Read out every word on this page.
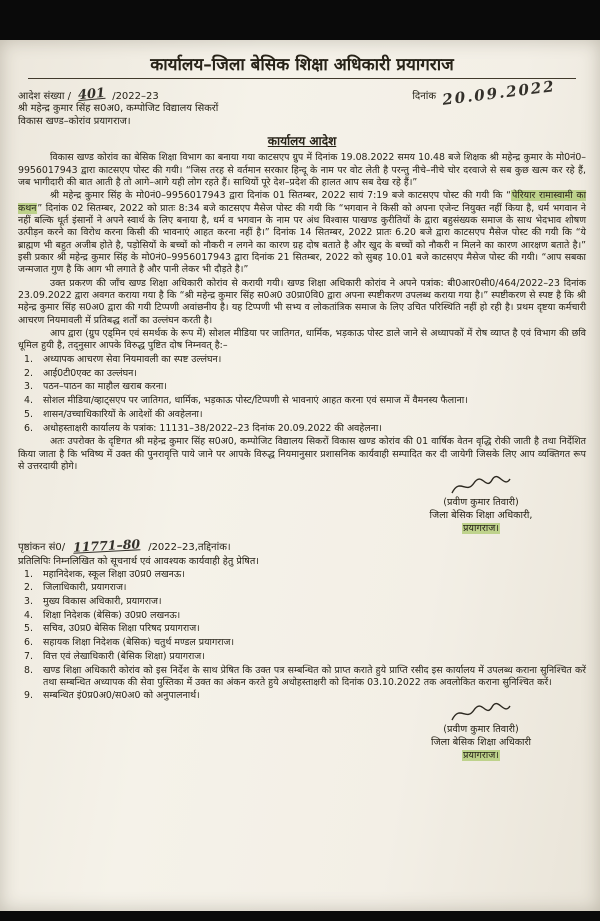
कार्यालय–जिला बेसिक शिक्षा अधिकारी प्रयागराज
आदेश संख्या / 401 /2022–23	दिनांक 20.09.2022
श्री महेन्द्र कुमार सिंह स0अ0, कम्पोजिट विद्यालय सिकरों
विकास खण्ड–कोरांव प्रयागराज।
कार्यालय आदेश

विकास खण्ड कोरांव का बेसिक शिक्षा विभाग का बनाया गया काटसएप ग्रुप में दिनांक 19.08.2022 समय 10.48 बजे शिक्षक श्री महेन्द्र कुमार के मो0नं0–9956017943 द्वारा काटसएप पोस्ट की गयी। “जिस तरह से वर्तमान सरकार हिन्दू के नाम पर वोट लेती है परन्तु नीचे–नीचे चोर दरवाजे से सब कुछ खत्म कर रहे हैं, जब भागीदारी की बात आती है तो आगे–आगे यही लोग रहते हैं। साथियों पूरे देश–प्रदेश की हालत आप सब देख रहे हैं।”

श्री महेन्द्र कुमार सिंह के मो0नं0–9956017943 द्वारा दिनांक 01 सितम्बर, 2022 सायं 7:19 बजे काटसएप पोस्ट की गयी कि “पेरियार रामास्वामी का कथन” दिनांक 02 सितम्बर, 2022 को प्रातः 8:34 बजे काटसएप मैसेज पोस्ट की गयी कि “भगवान ने किसी को अपना एजेन्ट नियुक्त नहीं किया है, धर्म भगवान ने नहीं बल्कि धूर्त इंसानों ने अपने स्वार्थ के लिए बनाया है, धर्म व भगवान के नाम पर अंध विश्वास पाखण्ड कुरीतियों के द्वारा बहुसंख्यक समाज के साथ भेदभाव शोषण उत्पीड़न करने का विरोध करना किसी की भावनाएं आहत करना नहीं है।” दिनांक 14 सितम्बर, 2022 प्रातः 6.20 बजे द्वारा काटसएप मैसेज पोस्ट की गयी कि “ये ब्राह्मण भी बहुत अजीब होते है, पड़ोसियों के बच्चों को नौकरी न लगने का कारण ग्रह दोष बताते है और खुद के बच्चों को नौकरी न मिलने का कारण आरक्षण बताते है।” इसी प्रकार श्री महेन्द्र कुमार सिंह के मो0नं0–9956017943 द्वारा दिनांक 21 सितम्बर, 2022 को सुबह 10.01 बजे काटसएप मैसेज पोस्ट की गयी। “आप सबका जन्मजात गुण है कि आग भी लगाते है और पानी लेकर भी दौड़ते है।”

उक्त प्रकरण की जाँच खण्ड शिक्षा अधिकारी कोरांव से करायी गयी। खण्ड शिक्षा अधिकारी कोरांव ने अपने पत्रांक: बी0आर0सी0/464/2022–23 दिनांक 23.09.2022 द्वारा अवगत कराया गया है कि “श्री महेन्द्र कुमार सिंह स0अ0 उ0प्रा0वि0 द्वारा अपना स्पष्टीकरण उपलब्ध कराया गया है।” स्पष्टीकरण से स्पष्ट है कि श्री महेन्द्र कुमार सिंह स0अ0 द्वारा की गयी टिप्पणी अवांछनीय है। यह टिप्पणी भी सभ्य व लोकतांत्रिक समाज के लिए उचित परिस्थिति नहीं हो रही है। प्रथम दृष्टया कर्मचारी आचरण नियमावली में प्रतिबद्ध शर्तों का उल्लंघन करती है।

आप द्वारा (ग्रुप एड्मिन एवं समर्थक के रूप में) सोशल मीडिया पर जातिगत, धार्मिक, भड़काऊ पोस्ट डाले जाने से अध्यापकों में रोष व्याप्त है एवं विभाग की छवि धूमिल हुयी है, तद्नुसार आपके विरुद्ध पुष्टित दोष निम्नवत् है:–

1.	अध्यापक आचरण सेवा नियमावली का स्पष्ट उल्लंघन।
2.	आई0टी0एक्ट का उल्लंघन।
3.	पठन–पाठन का माहौल खराब करना।
4.	सोशल मीडिया/व्हाट्सएप पर जातिगत, धार्मिक, भड़काऊ पोस्ट/टिप्पणी से भावनाएं आहत करना एवं समाज में वैमनस्य फैलाना।
5.	शासन/उच्चाधिकारियों के आदेशों की अवहेलना।
6.	अधोहस्ताक्षरी कार्यालय के पत्रांक: 11131–38/2022–23 दिनांक 20.09.2022 की अवहेलना।

अतः उपरोक्त के दृष्टिगत श्री महेन्द्र कुमार सिंह स0अ0, कम्पोजिट विद्यालय सिकरों विकास खण्ड कोरांव की 01 वार्षिक वेतन वृद्धि रोकी जाती है तथा निर्देशित किया जाता है कि भविष्य में उक्त की पुनरावृत्ति पाये जाने पर आपके विरुद्ध नियमानुसार प्रशासनिक कार्यवाही सम्पादित कर दी जायेगी जिसके लिए आप व्यक्तिगत रूप से उत्तरदायी होगे।

(प्रवीण कुमार तिवारी)
जिला बेसिक शिक्षा अधिकारी,
प्रयागराज।
पृष्ठांकन सं0/ 11771–80 /2022–23,तद्दिनांक।
प्रतिलिपिः निम्नलिखित को सूचनार्थ एवं आवश्यक कार्यवाही हेतु प्रेषित।
1.	महानिदेशक, स्कूल शिक्षा उ0प्र0 लखनऊ।
2.	जिलाधिकारी, प्रयागराज।
3.	मुख्य विकास अधिकारी, प्रयागराज।
4.	शिक्षा निदेशक (बेसिक) उ0प्र0 लखनऊ।
5.	सचिव, उ0प्र0 बेसिक शिक्षा परिषद प्रयागराज।
6.	सहायक शिक्षा निदेशक (बेसिक) चतुर्थ मण्डल प्रयागराज।
7.	वित्त एवं लेखाधिकारी (बेसिक शिक्षा) प्रयागराज।
8.	खण्ड शिक्षा अधिकारी कोरांव को इस निर्देश के साथ प्रेषित कि उक्त पत्र सम्बन्धित को प्राप्त कराते हुये प्राप्ति रसीद इस कार्यालय में उपलब्ध कराना सुनिश्चित करें तथा सम्बन्धित अध्यापक की सेवा पुस्तिका में उक्त का अंकन करते हुये अधोहस्ताक्षरी को दिनांक 03.10.2022 तक अवलोकित कराना सुनिश्चित करें।
9.	सम्बन्धित इं0प्र0अ0/स0अ0 को अनुपालनार्थ।
(प्रवीण कुमार तिवारी)
जिला बेसिक शिक्षा अधिकारी
प्रयागराज।
